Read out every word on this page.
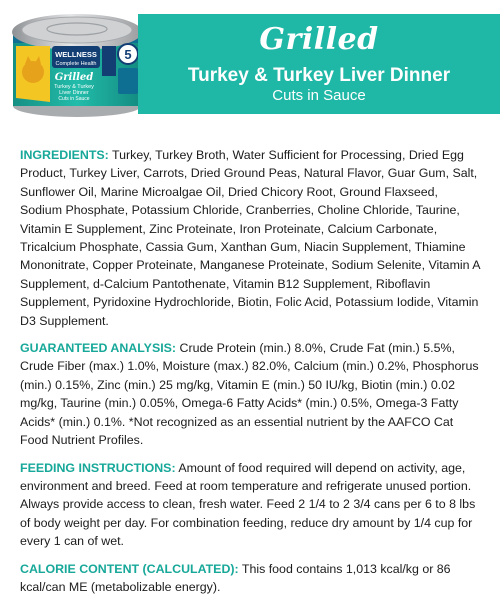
WELLNESS
Complete Health
Grilled
Turkey & Turkey
Liver Dinner
Cuts in Sauce
5	Grilled
Turkey & Turkey Liver Dinner
Cuts in Sauce

INGREDIENTS: Turkey, Turkey Broth, Water Sufficient for Processing, Dried Egg Product, Turkey Liver, Carrots, Dried Ground Peas, Natural Flavor, Guar Gum, Salt, Sunflower Oil, Marine Microalgae Oil, Dried Chicory Root, Ground Flaxseed, Sodium Phosphate, Potassium Chloride, Cranberries, Choline Chloride, Taurine, Vitamin E Supplement, Zinc Proteinate, Iron Proteinate, Calcium Carbonate, Tricalcium Phosphate, Cassia Gum, Xanthan Gum, Niacin Supplement, Thiamine Mononitrate, Copper Proteinate, Manganese Proteinate, Sodium Selenite, Vitamin A Supplement, d-Calcium Pantothenate, Vitamin B12 Supplement, Riboflavin Supplement, Pyridoxine Hydrochloride, Biotin, Folic Acid, Potassium Iodide, Vitamin D3 Supplement.

GUARANTEED ANALYSIS: Crude Protein (min.) 8.0%, Crude Fat (min.) 5.5%, Crude Fiber (max.) 1.0%, Moisture (max.) 82.0%, Calcium (min.) 0.2%, Phosphorus (min.) 0.15%, Zinc (min.) 25 mg/kg, Vitamin E (min.) 50 IU/kg, Biotin (min.) 0.02 mg/kg, Taurine (min.) 0.05%, Omega-6 Fatty Acids* (min.) 0.5%, Omega-3 Fatty Acids* (min.) 0.1%. *Not recognized as an essential nutrient by the AAFCO Cat Food Nutrient Profiles.

FEEDING INSTRUCTIONS: Amount of food required will depend on activity, age, environment and breed. Feed at room temperature and refrigerate unused portion. Always provide access to clean, fresh water. Feed 2 1/4 to 2 3/4 cans per 6 to 8 lbs of body weight per day. For combination feeding, reduce dry amount by 1/4 cup for every 1 can of wet.

CALORIE CONTENT (CALCULATED): This food contains 1,013 kcal/kg or 86 kcal/can ME (metabolizable energy).
